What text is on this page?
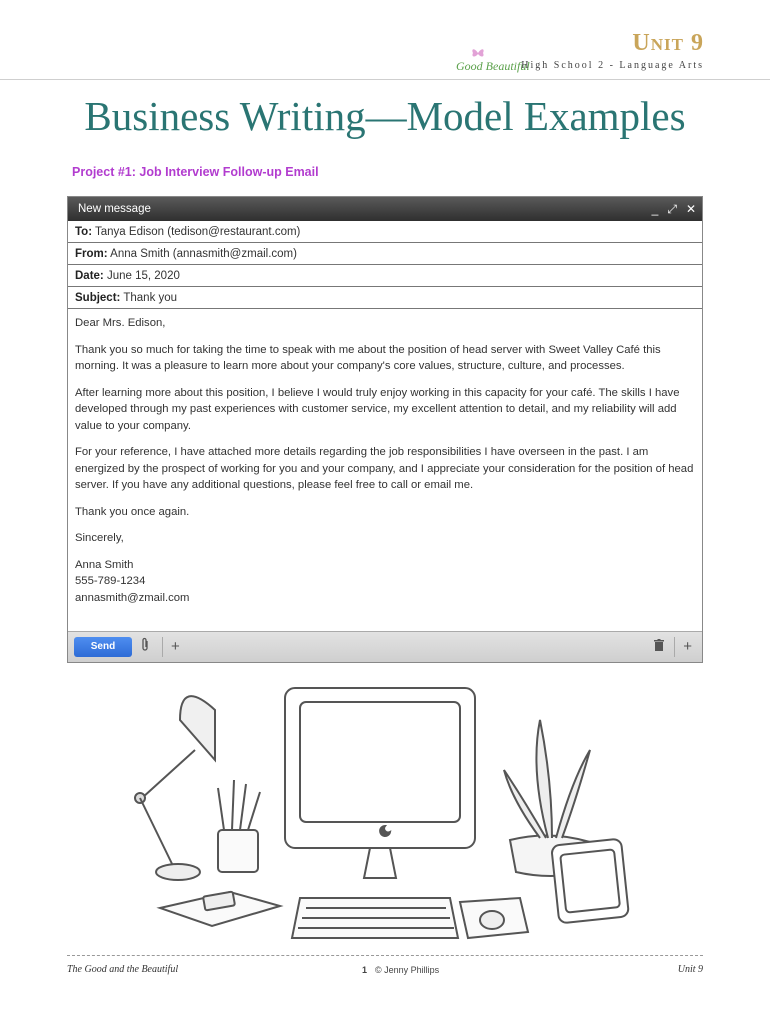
Unit 9
Good Beautiful
High School 2 - Language Arts
Business Writing—Model Examples
Project #1: Job Interview Follow-up Email
New message	_ ⤢ ✕
To: Tanya Edison (tedison@restaurant.com)
From: Anna Smith (annasmith@zmail.com)
Date: June 15, 2020
Subject: Thank you

Dear Mrs. Edison,

Thank you so much for taking the time to speak with me about the position of head server with Sweet Valley Café this morning. It was a pleasure to learn more about your company's core values, structure, culture, and processes.

After learning more about this position, I believe I would truly enjoy working in this capacity for your café. The skills I have developed through my past experiences with customer service, my excellent attention to detail, and my reliability will add value to your company.

For your reference, I have attached more details regarding the job responsibilities I have overseen in the past. I am energized by the prospect of working for you and your company, and I appreciate your consideration for the position of head server. If you have any additional questions, please feel free to call or email me.

Thank you once again.

Sincerely,

Anna Smith

555-789-1234

annasmith@zmail.com

Send	+	+
The Good and the Beautiful	1 © Jenny Phillips	Unit 9
